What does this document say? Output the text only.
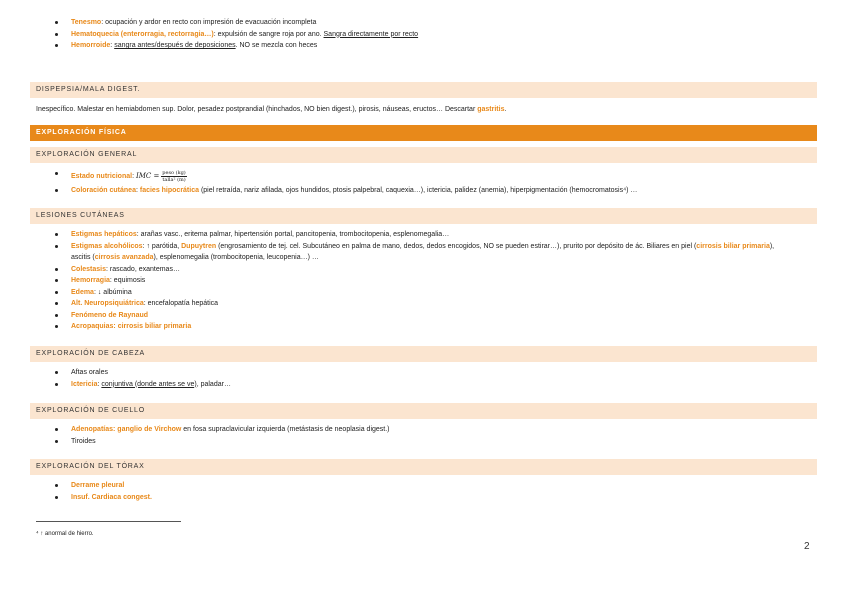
Tenesmo: ocupación y ardor en recto con impresión de evacuación incompleta
Hematoquecia (enterorragia, rectorragia…): expulsión de sangre roja por ano. Sangra directamente por recto
Hemorroide: sangra antes/después de deposiciones. NO se mezcla con heces
DISPEPSIA/MALA DIGEST.
Inespecífico. Malestar en hemiabdomen sup. Dolor, pesadez postprandial (hinchados, NO bien digest.), pirosis, náuseas, eructos… Descartar gastritis.
EXPLORACIÓN FÍSICA
EXPLORACIÓN GENERAL
Estado nutricional: IMC = $\frac{\text{peso (kg)}}{\text{talla² (m)}}$
Coloración cutánea: facies hipocrática (piel retraída, nariz afilada, ojos hundidos, ptosis palpebral, caquexia…), ictericia, palidez (anemia), hiperpigmentación (hemocromatosis⁴) …
LESIONES CUTÁNEAS
Estigmas hepáticos: arañas vasc., eritema palmar, hipertensión portal, pancitopenia, trombocitopenia, esplenomegalia…
Estigmas alcohólicos: ↑ parótida, Dupuytren (engrosamiento de tej. cel. Subcutáneo en palma de mano, dedos, dedos encogidos, NO se pueden estirar…), prurito por depósito de ác. Biliares en piel (cirrosis biliar primaria),
ascitis (cirrosis avanzada), esplenomegalia (trombocitopenia, leucopenia…) …
Colestasis: rascado, exantemas…
Hemorragia: equimosis
Edema: ↓ albúmina
Alt. Neuropsiquiátrica: encefalopatía hepática
Fenómeno de Raynaud
Acropaquias: cirrosis biliar primaria
EXPLORACIÓN DE CABEZA
Aftas orales
Ictericia: conjuntiva (donde antes se ve), paladar…
EXPLORACIÓN DE CUELLO
Adenopatías: ganglio de Virchow en fosa supraclavicular izquierda (metástasis de neoplasia digest.)
Tiroides
EXPLORACIÓN DEL TÓRAX
Derrame pleural
Insuf. Cardiaca congest.
⁴ ↑ anormal de hierro.
2
